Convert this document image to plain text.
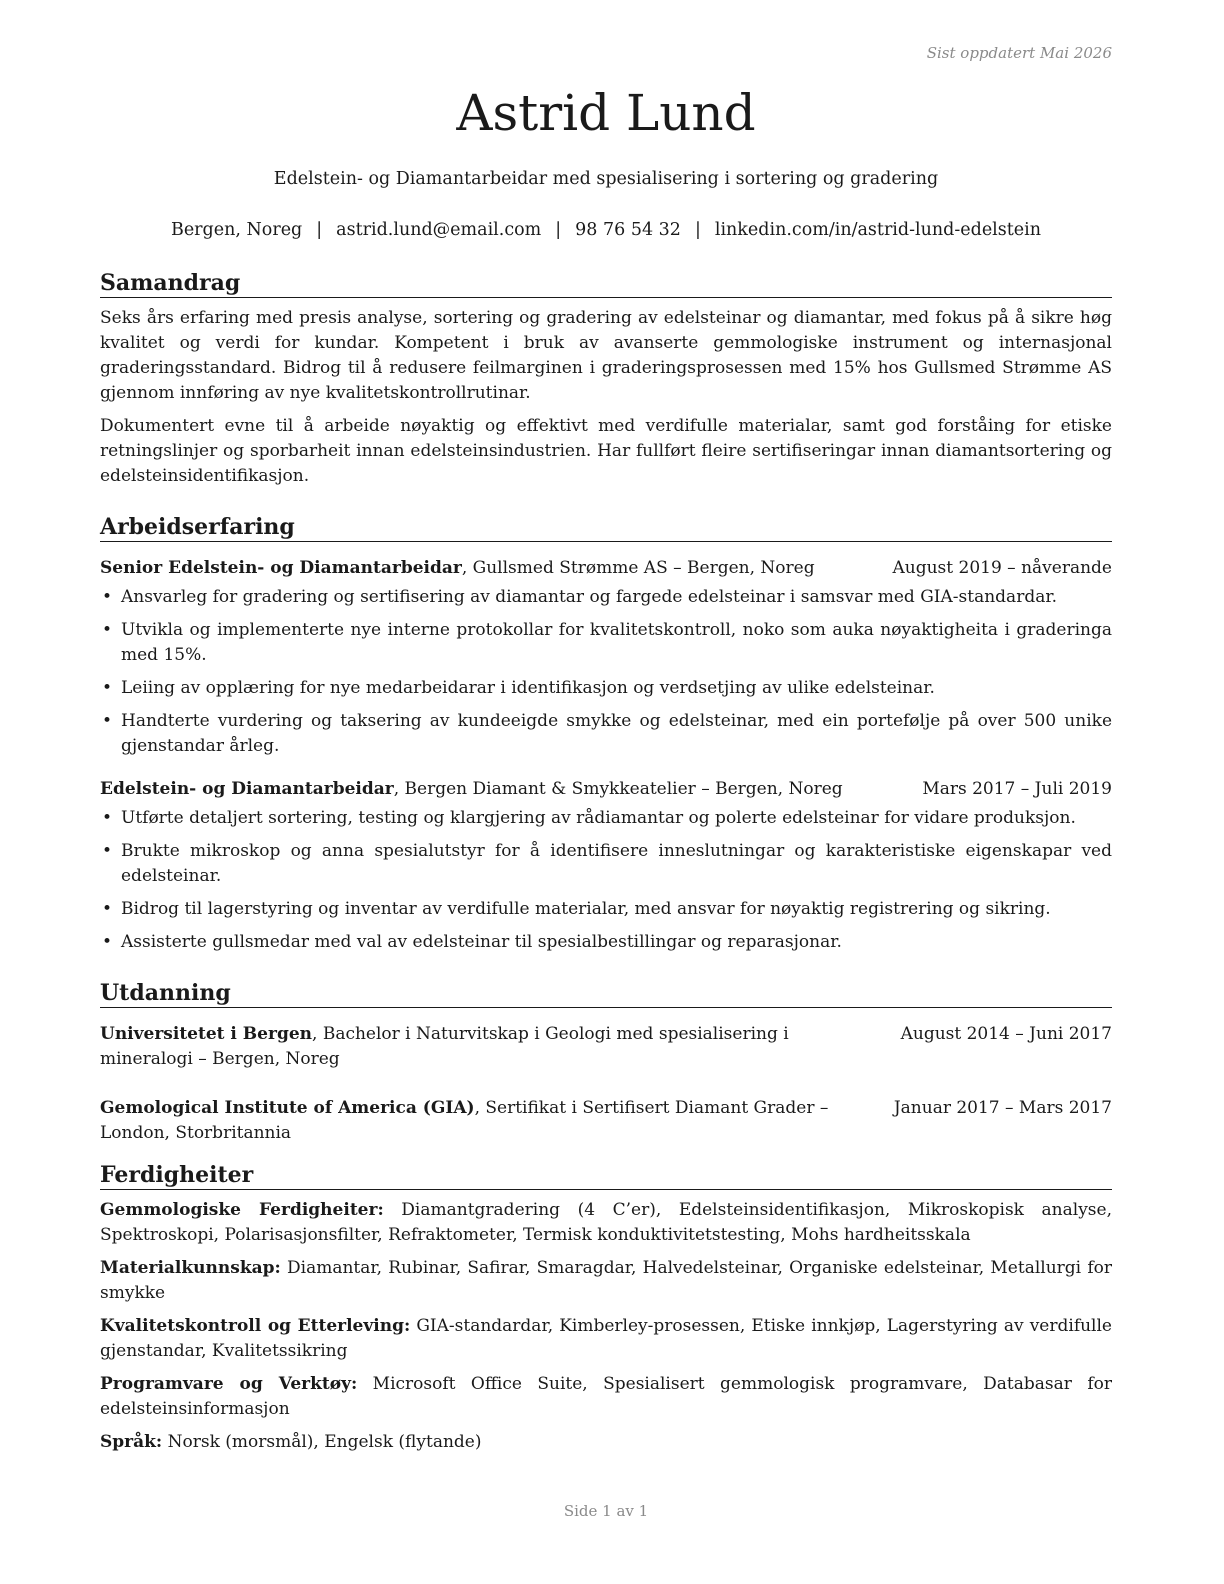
Sist oppdatert Mai 2026
Astrid Lund
Edelstein- og Diamantarbeidar med spesialisering i sortering og gradering
Bergen, Noreg | astrid.lund@email.com | 98 76 54 32 | linkedin.com/in/astrid-lund-edelstein
Samandrag

Seks års erfaring med presis analyse, sortering og gradering av edelsteinar og diamantar, med fokus på å sikre høg kvalitet og verdi for kundar. Kompetent i bruk av avanserte gemmologiske instrument og internasjonal graderingsstandard. Bidrog til å redusere feilmarginen i graderingsprosessen med 15% hos Gullsmed Strømme AS gjennom innføring av nye kvalitetskontrollrutinar.

Dokumentert evne til å arbeide nøyaktig og effektivt med verdifulle materialar, samt god forståing for etiske retningslinjer og sporbarheit innan edelsteinsindustrien. Har fullført fleire sertifiseringar innan diamantsortering og edelsteinsidentifikasjon.

Arbeidserfaring
Senior Edelstein- og Diamantarbeidar, Gullsmed Strømme AS – Bergen, Noreg	August 2019 – nåverande
• Ansvarleg for gradering og sertifisering av diamantar og fargede edelsteinar i samsvar med GIA-standardar.
• Utvikla og implementerte nye interne protokollar for kvalitetskontroll, noko som auka nøyaktigheita i graderinga med 15%.
• Leiing av opplæring for nye medarbeidarar i identifikasjon og verdsetjing av ulike edelsteinar.
• Handterte vurdering og taksering av kundeeigde smykke og edelsteinar, med ein portefølje på over 500 unike gjenstandar årleg.
Edelstein- og Diamantarbeidar, Bergen Diamant & Smykkeatelier – Bergen, Noreg	Mars 2017 – Juli 2019
• Utførte detaljert sortering, testing og klargjering av rådiamantar og polerte edelsteinar for vidare produksjon.
• Brukte mikroskop og anna spesialutstyr for å identifisere inneslutningar og karakteristiske eigenskapar ved edelsteinar.
• Bidrog til lagerstyring og inventar av verdifulle materialar, med ansvar for nøyaktig registrering og sikring.
• Assisterte gullsmedar med val av edelsteinar til spesialbestillingar og reparasjonar.
Utdanning
Universitetet i Bergen, Bachelor i Naturvitskap i Geologi med spesialisering i mineralogi – Bergen, Noreg
August 2014 – Juni 2017
Gemological Institute of America (GIA), Sertifikat i Sertifisert Diamant Grader – London, Storbritannia
Januar 2017 – Mars 2017
Ferdigheiter

Gemmologiske Ferdigheiter: Diamantgradering (4 C’er), Edelsteinsidentifikasjon, Mikroskopisk analyse, Spektroskopi, Polarisasjonsfilter, Refraktometer, Termisk konduktivitetstesting, Mohs hardheitsskala

Materialkunnskap: Diamantar, Rubinar, Safirar, Smaragdar, Halvedelsteinar, Organiske edelsteinar, Metallurgi for smykke

Kvalitetskontroll og Etterleving: GIA-standardar, Kimberley-prosessen, Etiske innkjøp, Lagerstyring av verdifulle gjenstandar, Kvalitetssikring

Programvare og Verktøy: Microsoft Office Suite, Spesialisert gemmologisk programvare, Databasar for edelsteinsinformasjon

Språk: Norsk (morsmål), Engelsk (flytande)

Side 1 av 1
